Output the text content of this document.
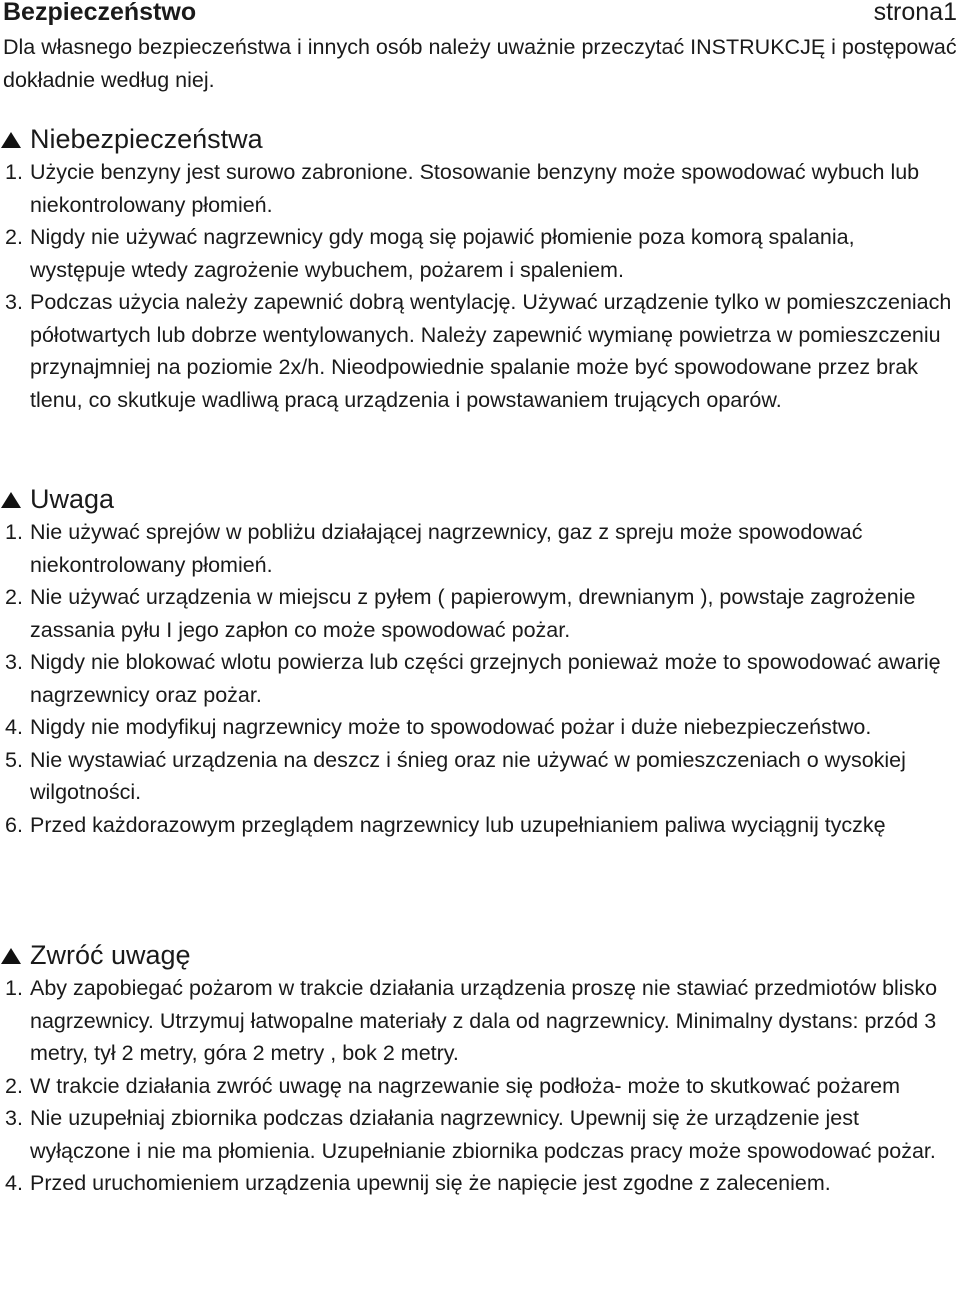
Bezpieczeństwo	strona1
Dla własnego bezpieczeństwa i innych osób należy uważnie przeczytać INSTRUKCJĘ i postępować dokładnie według niej.
Niebezpieczeństwa
1. Użycie benzyny jest surowo zabronione. Stosowanie benzyny może spowodować wybuch lub niekontrolowany płomień.
2. Nigdy nie używać nagrzewnicy gdy mogą się pojawić płomienie poza komorą spalania, występuje wtedy zagrożenie wybuchem, pożarem i spaleniem.
3. Podczas użycia należy zapewnić dobrą wentylację. Używać urządzenie tylko w pomieszczeniach półotwartych lub dobrze wentylowanych. Należy zapewnić wymianę powietrza w pomieszczeniu przynajmniej na poziomie 2x/h. Nieodpowiednie spalanie może być spowodowane przez brak tlenu, co skutkuje wadliwą pracą urządzenia i powstawaniem trujących oparów.
Uwaga
1. Nie używać sprejów w pobliżu działającej nagrzewnicy, gaz z spreju może spowodować niekontrolowany płomień.
2. Nie używać urządzenia w miejscu z pyłem ( papierowym, drewnianym ), powstaje zagrożenie zassania pyłu I jego zapłon co może spowodować pożar.
3. Nigdy nie blokować wlotu powierza lub części grzejnych ponieważ może to spowodować awarię nagrzewnicy oraz pożar.
4. Nigdy nie modyfikuj nagrzewnicy może to spowodować pożar i duże niebezpieczeństwo.
5. Nie wystawiać urządzenia na deszcz i śnieg oraz nie używać w pomieszczeniach o wysokiej wilgotności.
6. Przed każdorazowym przeglądem nagrzewnicy lub uzupełnianiem paliwa wyciągnij tyczkę
Zwróć uwagę
1. Aby zapobiegać pożarom w trakcie działania urządzenia proszę nie stawiać przedmiotów blisko nagrzewnicy. Utrzymuj łatwopalne materiały z dala od nagrzewnicy. Minimalny dystans: przód 3 metry, tył 2 metry, góra 2 metry , bok 2 metry.
2. W trakcie działania zwróć uwagę na nagrzewanie się podłoża- może to skutkować pożarem
3. Nie uzupełniaj zbiornika podczas działania nagrzewnicy. Upewnij się że urządzenie jest wyłączone i nie ma płomienia. Uzupełnianie zbiornika podczas pracy może spowodować pożar.
4. Przed uruchomieniem urządzenia upewnij się że napięcie jest zgodne z zaleceniem.
